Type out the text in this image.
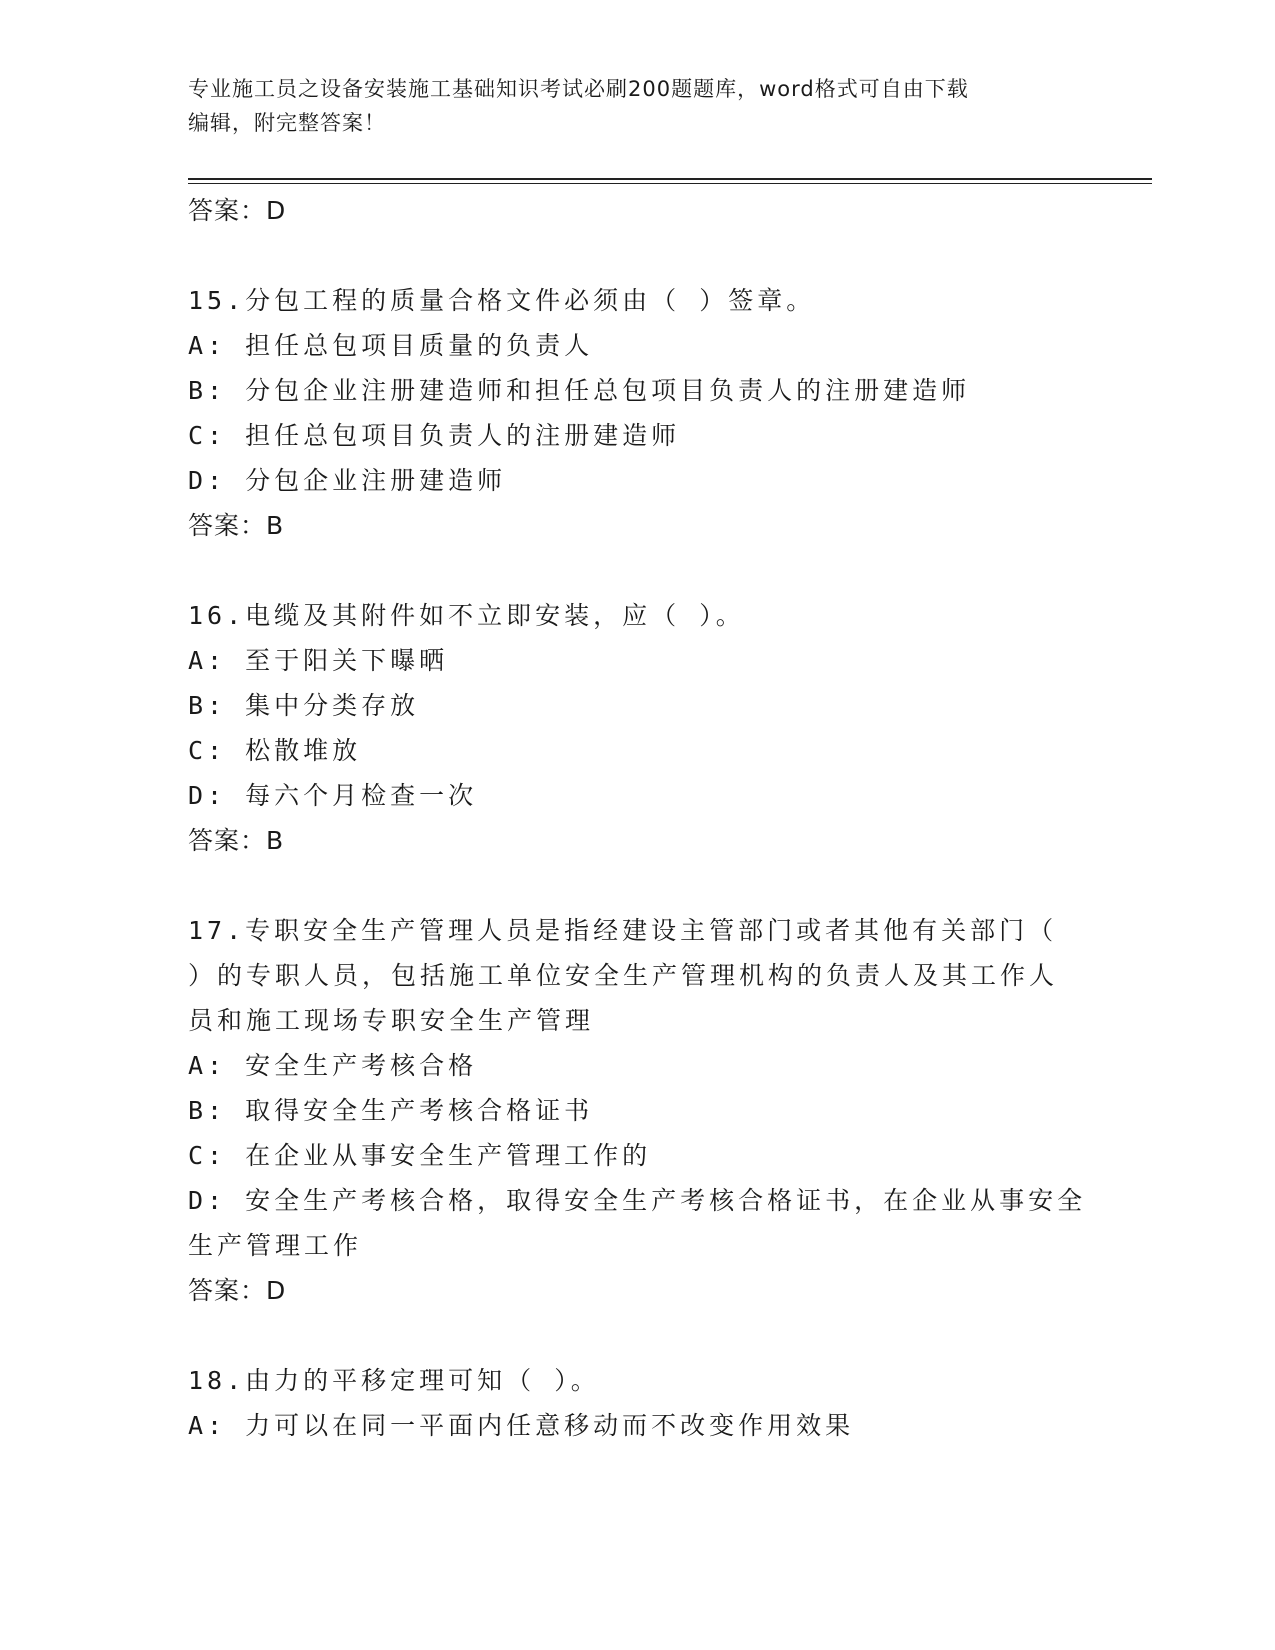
专业施工员之设备安装施工基础知识考试必刷200题题库，word格式可自由下载
编辑，附完整答案！
答案：D
15.分包工程的质量合格文件必须由（ ）签章。
A: 担任总包项目质量的负责人
B: 分包企业注册建造师和担任总包项目负责人的注册建造师
C: 担任总包项目负责人的注册建造师
D: 分包企业注册建造师
答案：B
16.电缆及其附件如不立即安装，应（ ）。
A: 至于阳关下曝晒
B: 集中分类存放
C: 松散堆放
D: 每六个月检查一次
答案：B
17.专职安全生产管理人员是指经建设主管部门或者其他有关部门（
）的专职人员，包括施工单位安全生产管理机构的负责人及其工作人
员和施工现场专职安全生产管理
A: 安全生产考核合格
B: 取得安全生产考核合格证书
C: 在企业从事安全生产管理工作的
D: 安全生产考核合格，取得安全生产考核合格证书，在企业从事安全
生产管理工作
答案：D
18.由力的平移定理可知（ ）。
A: 力可以在同一平面内任意移动而不改变作用效果
